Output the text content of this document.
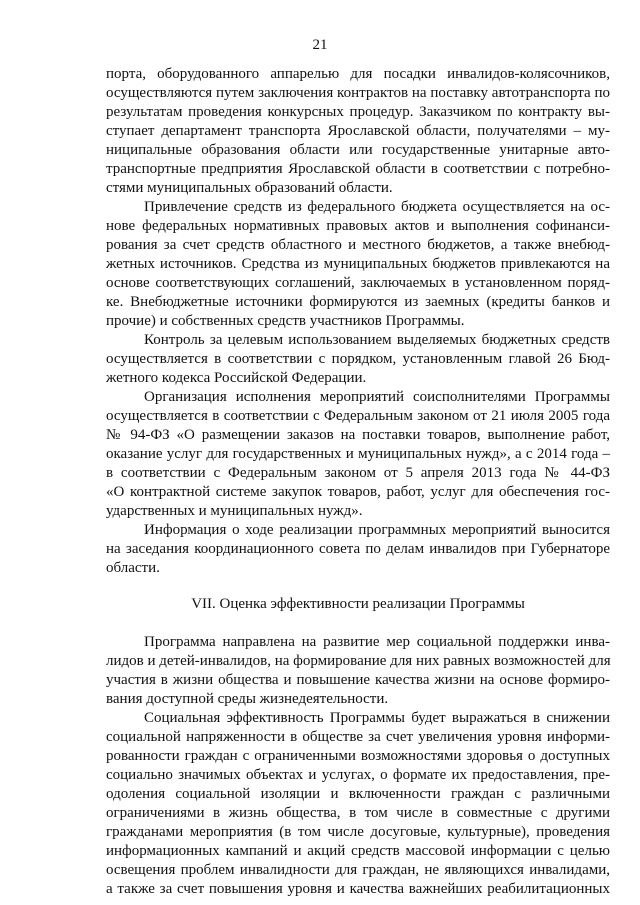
21

порта, оборудованного аппарелью для посадки инвалидов-колясочников,
осуществляются путем заключения контрактов на поставку автотранспорта по
результатам проведения конкурсных процедур. Заказчиком по контракту вы-
ступает департамент транспорта Ярославской области, получателями – му-
ниципальные образования области или государственные унитарные авто-
транспортные предприятия Ярославской области в соответствии с потребно-
стями муниципальных образований области.

Привлечение средств из федерального бюджета осуществляется на ос-
нове федеральных нормативных правовых актов и выполнения софинанси-
рования за счет средств областного и местного бюджетов, а также внебюд-
жетных источников. Средства из муниципальных бюджетов привлекаются на
основе соответствующих соглашений, заключаемых в установленном поряд-
ке. Внебюджетные источники формируются из заемных (кредиты банков и
прочие) и собственных средств участников Программы.

Контроль за целевым использованием выделяемых бюджетных средств
осуществляется в соответствии с порядком, установленным главой 26 Бюд-
жетного кодекса Российской Федерации.

Организация исполнения мероприятий соисполнителями Программы
осуществляется в соответствии с Федеральным законом от 21 июля 2005 года
№ 94-ФЗ «О размещении заказов на поставки товаров, выполнение работ,
оказание услуг для государственных и муниципальных нужд», а с 2014 года –
в соответствии с Федеральным законом от 5 апреля 2013 года № 44-ФЗ
«О контрактной системе закупок товаров, работ, услуг для обеспечения гос-
ударственных и муниципальных нужд».

Информация о ходе реализации программных мероприятий выносится
на заседания координационного совета по делам инвалидов при Губернаторе
области.

VII. Оценка эффективности реализации Программы

Программа направлена на развитие мер социальной поддержки инва-
лидов и детей-инвалидов, на формирование для них равных возможностей для
участия в жизни общества и повышение качества жизни на основе формиро-
вания доступной среды жизнедеятельности.

Социальная эффективность Программы будет выражаться в снижении
социальной напряженности в обществе за счет увеличения уровня информи-
рованности граждан с ограниченными возможностями здоровья о доступных
социально значимых объектах и услугах, о формате их предоставления, пре-
одоления социальной изоляции и включенности граждан с различными
ограничениями в жизнь общества, в том числе в совместные с другими
гражданами мероприятия (в том числе досуговые, культурные), проведения
информационных кампаний и акций средств массовой информации с целью
освещения проблем инвалидности для граждан, не являющихся инвалидами,
а также за счет повышения уровня и качества важнейших реабилитационных
